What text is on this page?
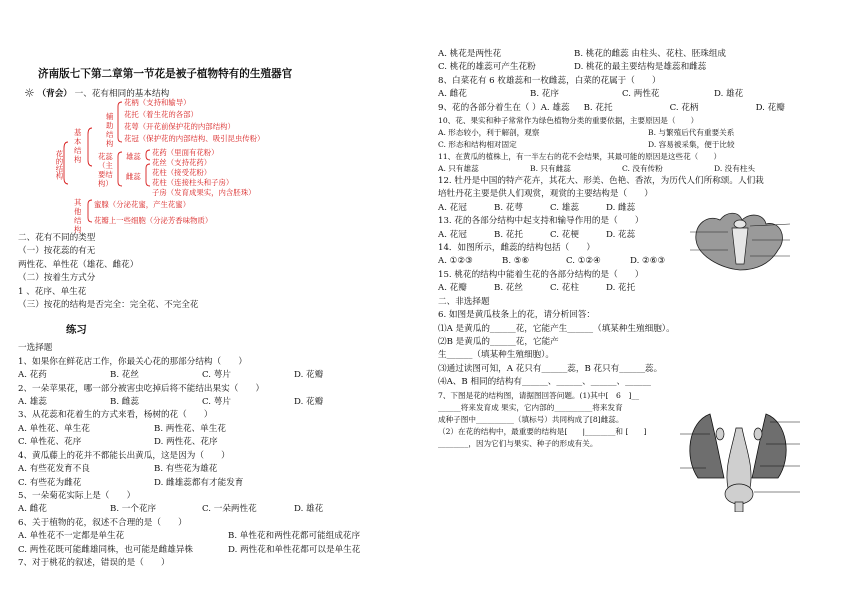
济南版七下第二章第一节花是被子植物特有的生殖器官
☼ （背会） 一、花有相同的基本结构
花的结构
基本结构
其他结构
辅助结构
花蕊（主要结构）
雄蕊
雌蕊
花柄（支持和输导）
花托（着生花的各部）
花萼（开花前保护花的内部结构）
花冠（保护花的内部结构、吸引昆虫传粉）
花药（里面有花粉）
花丝（支持花药）
花柱（接受花粉）
花柱（连接柱头和子房）
子房（发育成果实，内含胚珠）
蜜腺（分泌花蜜，产生花蜜）
花瓣上一些细胞（分泌芳香味物质）
二、花有不同的类型
（一）按花蕊的有无
两性花、单性花（雄花、雌花）
（二）按着生方式分
1 、花序、单生花
（三）按花的结构是否完全：完全花、不完全花
练习
一选择题
1、如果你在鲜花店工作，你最关心花的那部分结构（　　）
A. 花药	B. 花丝	C. 萼片	D. 花瓣
2、一朵苹果花，哪一部分被害虫吃掉后将不能结出果实（　　）
A. 雄蕊	B. 雌蕊	C. 萼片	D. 花瓣
3、从花蕊和花着生的方式来看，杨树的花（　　）
A. 单性花、单生花	B. 两性花、单生花
C. 单性花、花序	D. 两性花、花序
4、黄瓜藤上的花并不都能长出黄瓜，这是因为（　　）
A. 有些花发育不良	B. 有些花为雄花
C. 有些花为雌花	D. 雌雄蕊都有才能发育
5、一朵菊花实际上是（　　）
A. 雌花	B. 一个花序	C. 一朵两性花	D. 雄花
6、关于植物的花，叙述不合理的是（　　）
A. 单性花不一定都是单生花	B. 单性花和两性花都可能组成花序
C. 两性花既可能雌雄同株，也可能是雌雄异株	D. 两性花和单性花都可以是单生花
7、对于桃花的叙述，错误的是（　　）
A. 桃花是两性花	B. 桃花的雌蕊 由柱头、花柱、胚珠组成
C. 桃花的雄蕊可产生花粉	D. 桃花的最主要结构是雄蕊和雌蕊
8、白菜花有 6 枚雄蕊和一枚雌蕊，白菜的花属于（　　）
A. 雌花	B. 花序	C. 两性花	D. 雄花
9、花的各部分着生在（ ）A. 雄蕊 B. 花托	C. 花柄	D. 花瓣
10、花、果实和种子常常作为绿色植物分类的重要依据，主要原因是（　　）
A. 形态较小，利于解剖，观察	B. 与繁殖后代有重要关系
C. 形态和结构相对固定	D. 容易被采集，便于比较
11、在黄瓜的植株上，有一半左右的花不会结果，其最可能的原因是这些花（　　）
A. 只有雄蕊	B. 只有雌蕊	C. 没有传粉	D. 没有柱头
12. 牡丹是中国的特产花卉，其花大、形美、色艳、香浓，为历代人们所称颂。人们栽
培牡丹花主要是供人们观赏，观赏的主要结构是（　　）
A. 花冠	B. 花萼	C. 雄蕊	D. 雌蕊
13. 花的各部分结构中起支持和输导作用的是（　　）
A. 花冠	B. 花托	C. 花梗	D. 花蕊
14．如图所示，雌蕊的结构包括（　　）
A. ①②③	B. ⑤⑥	C. ①②④	D. ②⑥③
15. 桃花的结构中能着生花的各部分结构的是（　　）
A. 花瓣	B. 花丝	C. 花柱	D. 花托
二、非选择题
6. 如图是黄瓜枝条上的花，请分析回答：
⑴A 是黄瓜的______花，它能产生______（填某种生殖细胞）。
⑵B 是黄瓜的______花，它能产
生______（填某种生殖细胞）。
⑶通过读图可知，A 花只有______蕊，B 花只有______蕊。
⑷A、B 相同的结构有______、______、______、______
7、下图是花的结构图，请据图回答问题。(1)其中[　6　]__
______将来发育成 果实，它内部的__________将来发育
成种子图中__________（填标号）共同构成了[8]雌蕊。
（2）在花的结构中，最重要的结构是[　　|________和 [　　]
________，因为它们与果实、种子的形成有关。
